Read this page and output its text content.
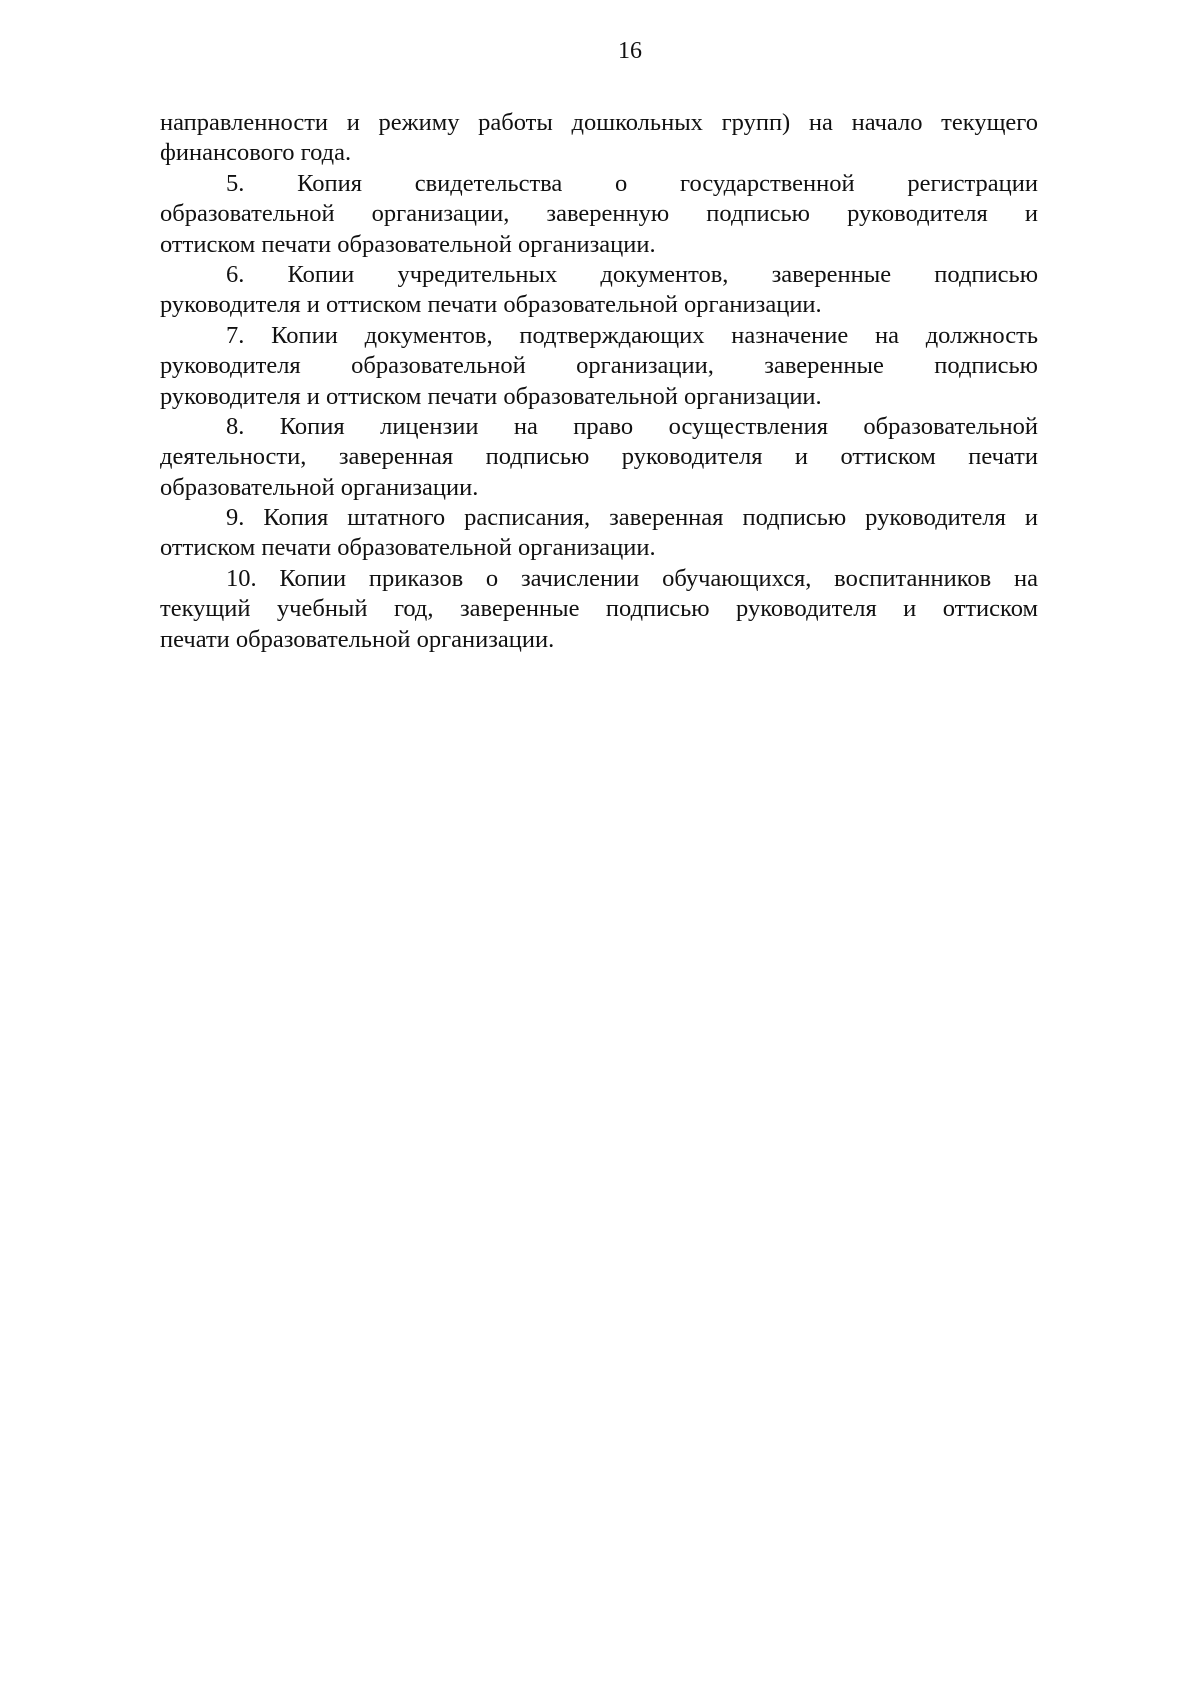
16
направленности и режиму работы дошкольных групп) на начало текущего
финансового года.
5. Копия свидетельства о государственной регистрации
образовательной организации, заверенную подписью руководителя и
оттиском печати образовательной организации.
6. Копии учредительных документов, заверенные подписью
руководителя и оттиском печати образовательной организации.
7. Копии документов, подтверждающих назначение на должность
руководителя образовательной организации, заверенные подписью
руководителя и оттиском печати образовательной организации.
8. Копия лицензии на право осуществления образовательной
деятельности, заверенная подписью руководителя и оттиском печати
образовательной организации.
9. Копия штатного расписания, заверенная подписью руководителя и
оттиском печати образовательной организации.
10. Копии приказов о зачислении обучающихся, воспитанников на
текущий учебный год, заверенные подписью руководителя и оттиском
печати образовательной организации.
